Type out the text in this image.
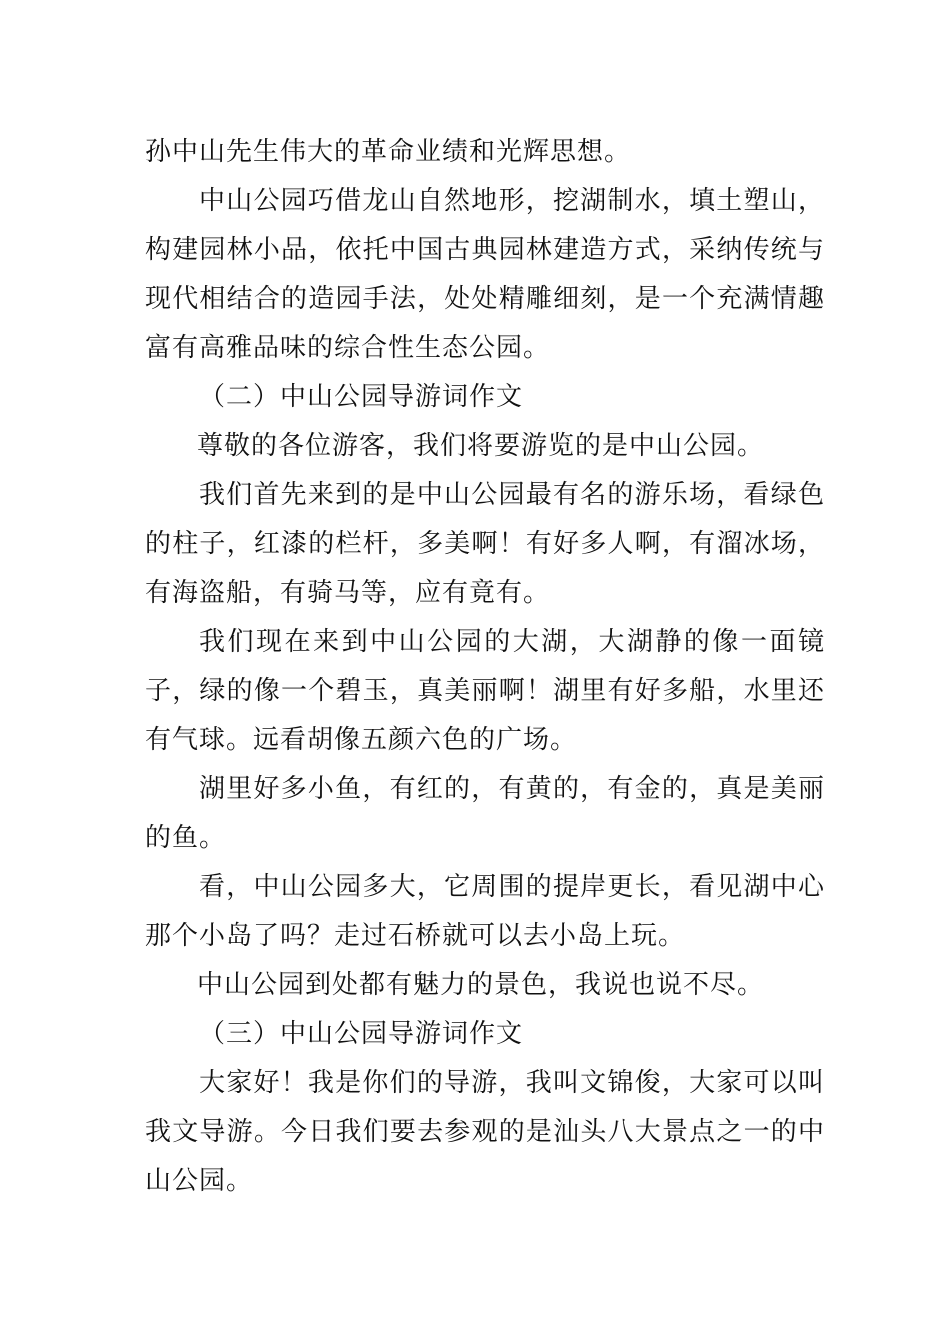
孙中山先生伟大的革命业绩和光辉思想。

中山公园巧借龙山自然地形，挖湖制水，填土塑山，构建园林小品，依托中国古典园林建造方式，采纳传统与现代相结合的造园手法，处处精雕细刻，是一个充满情趣富有高雅品味的综合性生态公园。

（二）中山公园导游词作文

尊敬的各位游客，我们将要游览的是中山公园。

我们首先来到的是中山公园最有名的游乐场，看绿色的柱子，红漆的栏杆，多美啊！有好多人啊，有溜冰场，有海盗船，有骑马等，应有竟有。

我们现在来到中山公园的大湖，大湖静的像一面镜子，绿的像一个碧玉，真美丽啊！湖里有好多船，水里还有气球。远看胡像五颜六色的广场。

湖里好多小鱼，有红的，有黄的，有金的，真是美丽的鱼。

看，中山公园多大，它周围的提岸更长，看见湖中心那个小岛了吗？走过石桥就可以去小岛上玩。

中山公园到处都有魅力的景色，我说也说不尽。

（三）中山公园导游词作文

大家好！我是你们的导游，我叫文锦俊，大家可以叫我文导游。今日我们要去参观的是汕头八大景点之一的中山公园。
